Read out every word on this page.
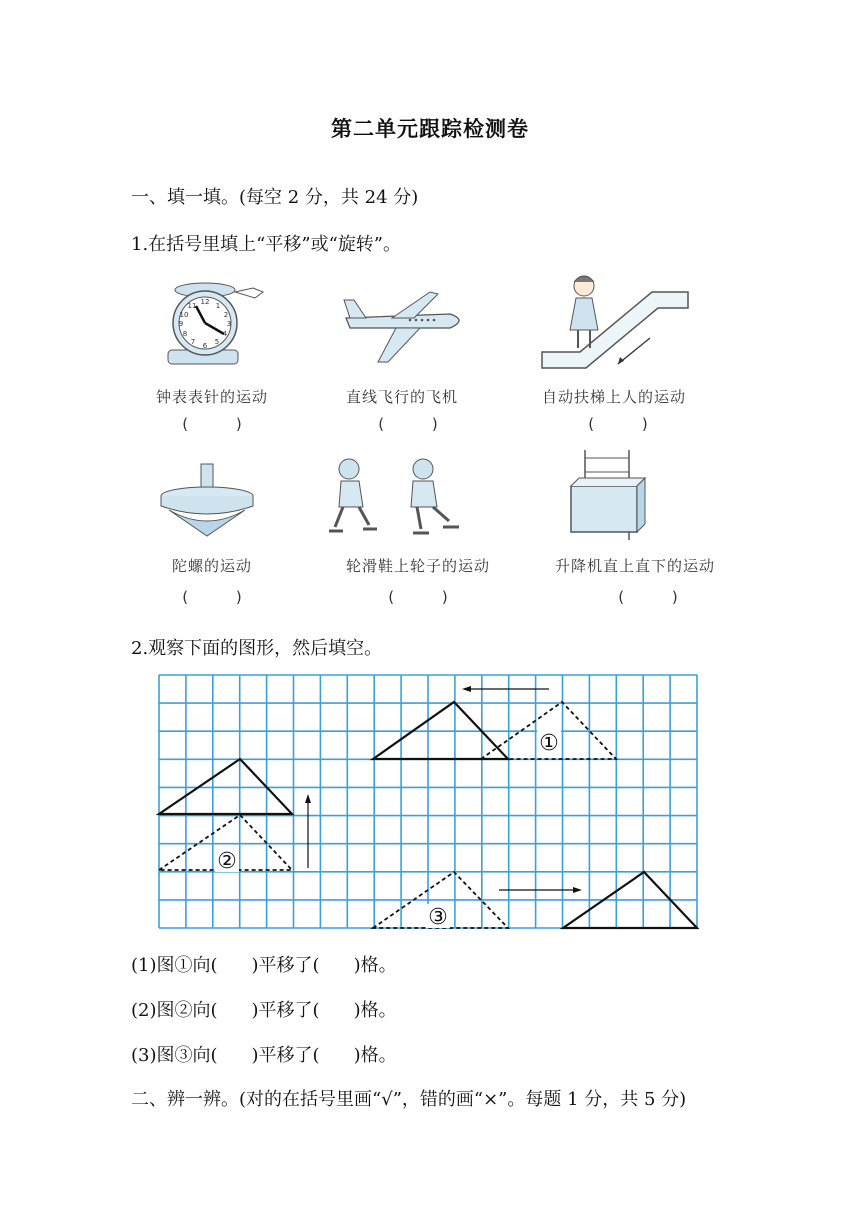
第二单元跟踪检测卷
一、填一填。(每空 2 分，共 24 分)
1.在括号里填上“平移”或“旋转”。
12 1
2
3
4
5
6
7
8
9
10
11
钟表表针的运动	直线飞行的飞机	自动扶梯上人的运动
(          )	(          )	(          )
陀螺的运动	轮滑鞋上轮子的运动	升降机直上直下的运动
(          )	(          )	(          )
2.观察下面的图形，然后填空。
①
②
③
(1)图①向( )平移了( )格。
(2)图②向( )平移了( )格。
(3)图③向( )平移了( )格。
二、辨一辨。(对的在括号里画“√”，错的画“×”。每题 1 分，共 5 分)
